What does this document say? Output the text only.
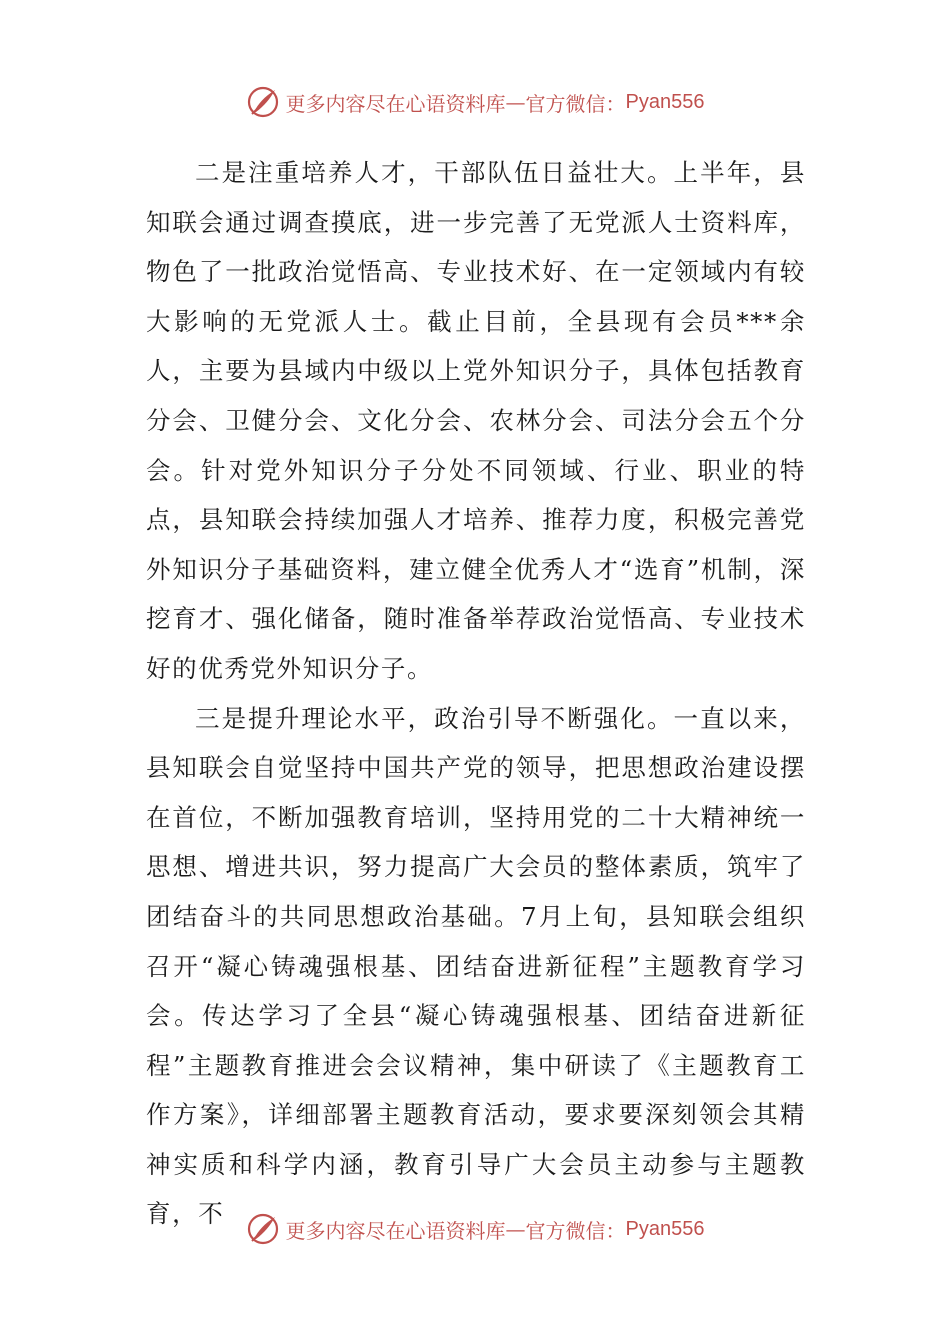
更多内容尽在心语资料库 — 官方微信： Pyan556

二是注重培养人才，干部队伍日益壮大。上半年，县知联会通过调查摸底，进一步完善了无党派人士资料库，物色了一批政治觉悟高、专业技术好、在一定领域内有较大影响的无党派人士。截止目前，全县现有会员***余人，主要为县域内中级以上党外知识分子，具体包括教育分会、卫健分会、文化分会、农林分会、司法分会五个分会。针对党外知识分子分处不同领域、行业、职业的特点，县知联会持续加强人才培养、推荐力度，积极完善党外知识分子基础资料，建立健全优秀人才“选育”机制，深挖育才、强化储备，随时准备举荐政治觉悟高、专业技术好的优秀党外知识分子。

三是提升理论水平，政治引导不断强化。一直以来，县知联会自觉坚持中国共产党的领导，把思想政治建设摆在首位，不断加强教育培训，坚持用党的二十大精神统一思想、增进共识，努力提高广大会员的整体素质，筑牢了团结奋斗的共同思想政治基础。7月上旬，县知联会组织召开“凝心铸魂强根基、团结奋进新征程”主题教育学习会。传达学习了全县“凝心铸魂强根基、团结奋进新征程”主题教育推进会会议精神，集中研读了《主题教育工作方案》，详细部署主题教育活动，要求要深刻领会其精神实质和科学内涵，教育引导广大会员主动参与主题教育，不

更多内容尽在心语资料库 — 官方微信： Pyan556
